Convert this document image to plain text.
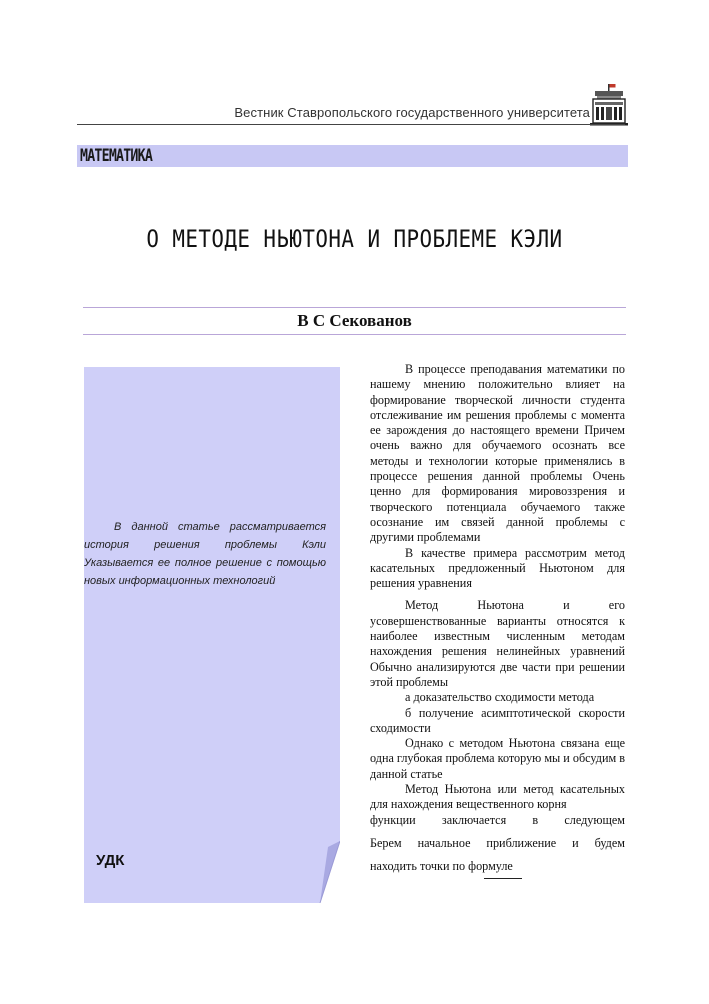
Вестник Ставропольского государственного университета
МАТЕМАТИКА
О МЕТОДЕ НЬЮТОНА И ПРОБЛЕМЕ КЭЛИ
В С Секованов
В данной статье рассматривается история решения проблемы Кэли Указывается ее полное решение с помощью новых информационных технологий
УДК

В процессе преподавания математики по нашему мнению положительно влияет на формирование творческой личности студента отслеживание им решения проблемы с момента ее зарождения до настоящего времени Причем очень важно для обучаемого осознать все методы и технологии которые применялись в процессе решения данной проблемы Очень ценно для формирования мировоззрения и творческого потенциала обучаемого также осознание им связей данной проблемы с другими проблемами

В качестве примера рассмотрим метод касательных предложенный Ньютоном для решения уравнения

Метод Ньютона и его усовершенствованные варианты относятся к наиболее известным численным методам нахождения решения нелинейных уравнений Обычно анализируются две части при решении этой проблемы

а доказательство сходимости метода

б получение асимптотической скорости сходимости

Однако с методом Ньютона связана еще одна глубокая проблема которую мы и обсудим в данной статье

Метод Ньютона или метод касательных для нахождения вещественного корня

функции заключается в следующем

Берем начальное приближение и будем

находить точки по формуле
